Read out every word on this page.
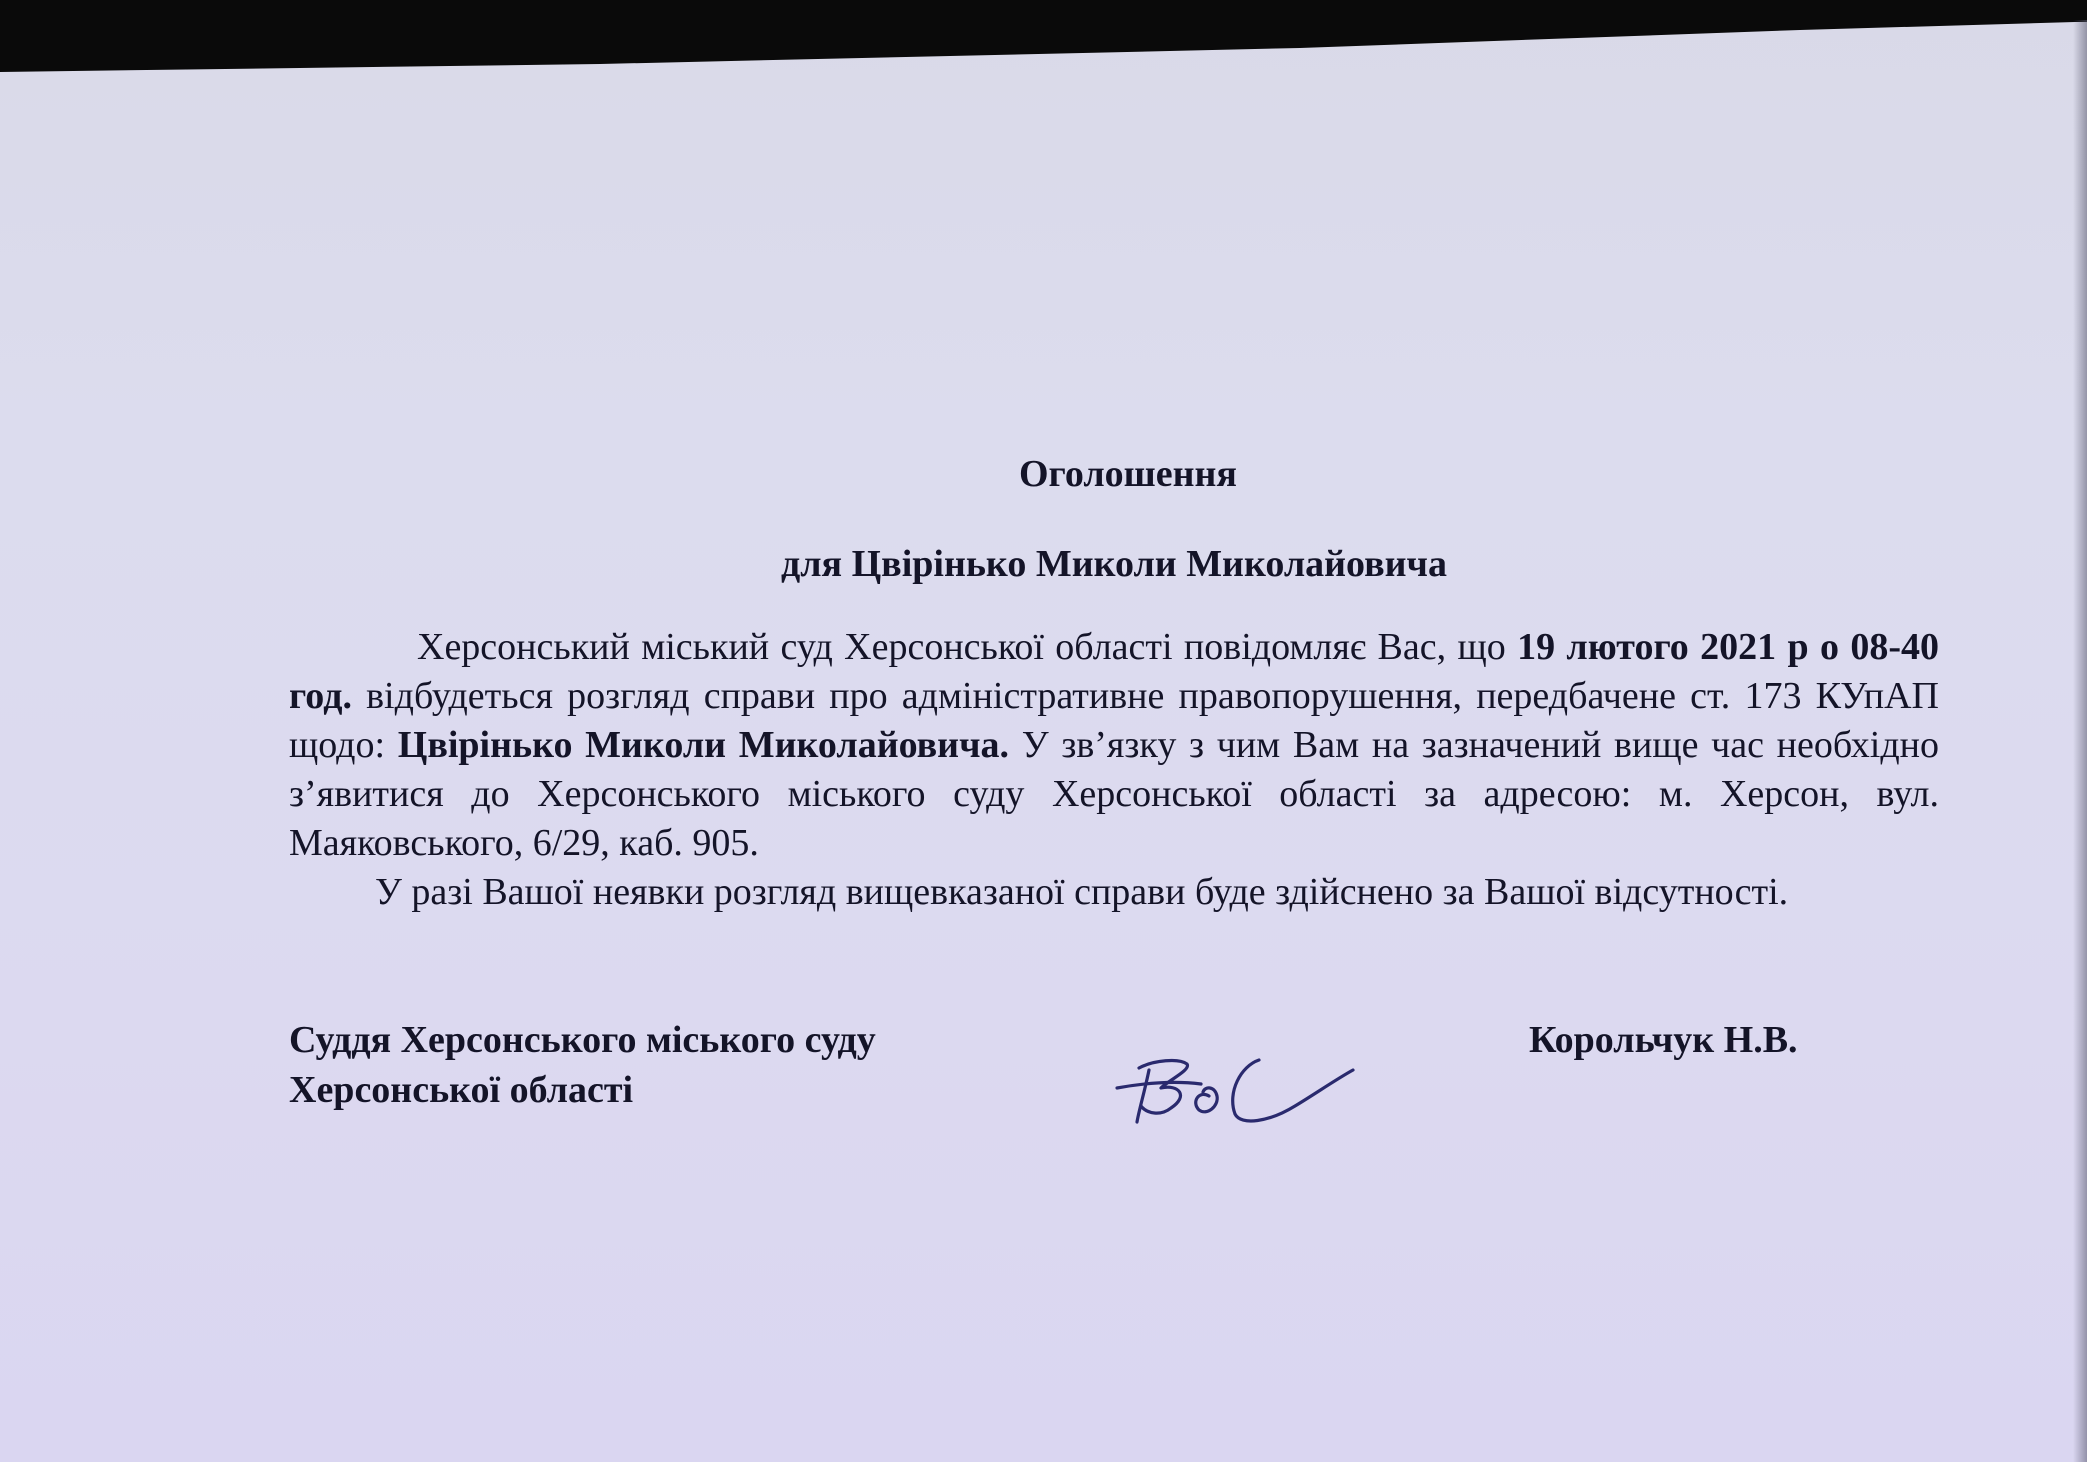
Оголошення

для Цвірінько Миколи Миколайовича

Херсонський міський суд Херсонської області повідомляє Вас, що 19 лютого 2021 р о 08-40 год. відбудеться розгляд справи про адміністративне правопорушення, передбачене ст. 173 КУпАП щодо: Цвірінько Миколи Миколайовича. У зв’язку з чим Вам на зазначений вище час необхідно з’явитися до Херсонського міського суду Херсонської області за адресою: м. Херсон, вул. Маяковського, 6/29, каб. 905.

У разі Вашої неявки розгляд вищевказаної справи буде здійснено за Вашої відсутності.

Суддя Херсонського міського суду
Херсонської області

Корольчук Н.В.
